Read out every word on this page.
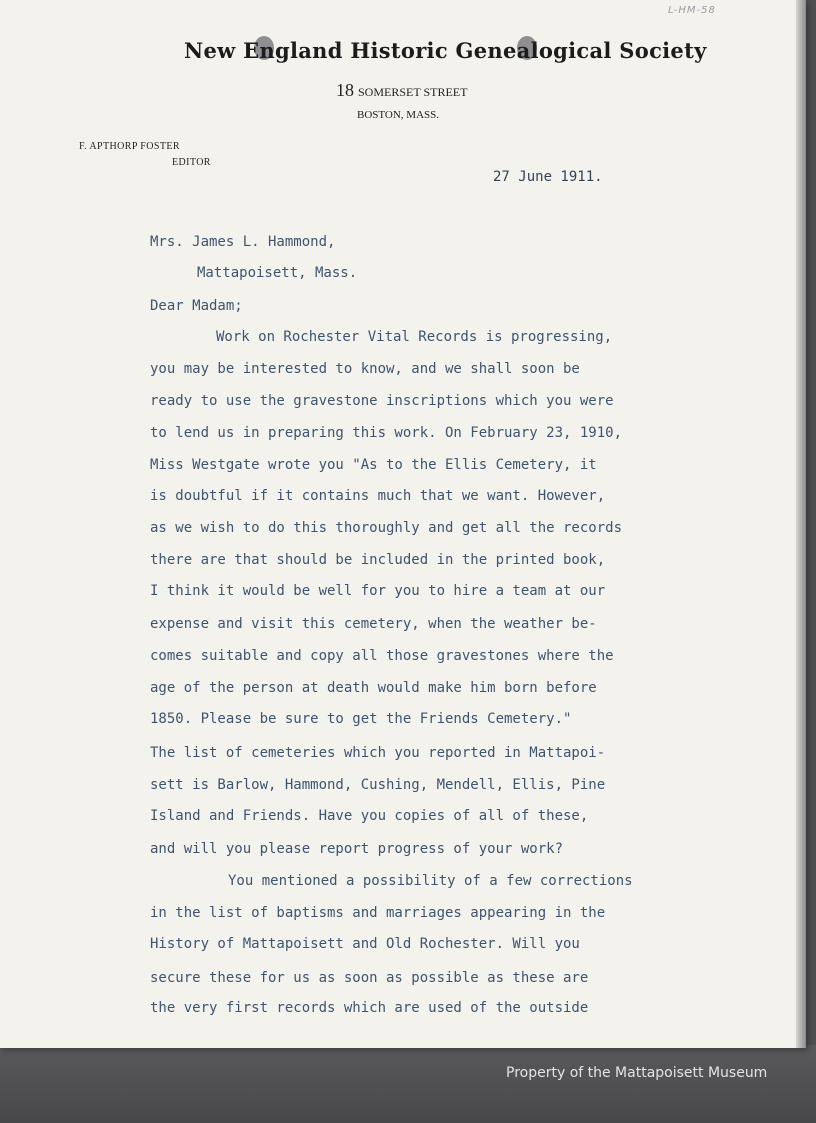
L-HM-58
New England Historic Genealogical Society
18 SOMERSET STREET
BOSTON, MASS.
F. APTHORP FOSTER
EDITOR
27 June 1911.
Mrs. James L. Hammond,
Mattapoisett, Mass.
Dear Madam;
Work on Rochester Vital Records is progressing,
you may be interested to know, and we shall soon be
ready to use the gravestone inscriptions which you were
to lend us in preparing this work. On February 23, 1910,
Miss Westgate wrote you "As to the Ellis Cemetery, it
is doubtful if it contains much that we want. However,
as we wish to do this thoroughly and get all the records
there are that should be included in the printed book,
I think it would be well for you to hire a team at our
expense and visit this cemetery, when the weather be-
comes suitable and copy all those gravestones where the
age of the person at death would make him born before
1850. Please be sure to get the Friends Cemetery."
The list of cemeteries which you reported in Mattapoi-
sett is Barlow, Hammond, Cushing, Mendell, Ellis, Pine
Island and Friends. Have you copies of all of these,
and will you please report progress of your work?
You mentioned a possibility of a few corrections
in the list of baptisms and marriages appearing in the
History of Mattapoisett and Old Rochester. Will you
secure these for us as soon as possible as these are
the very first records which are used of the outside
Property of the Mattapoisett Museum
